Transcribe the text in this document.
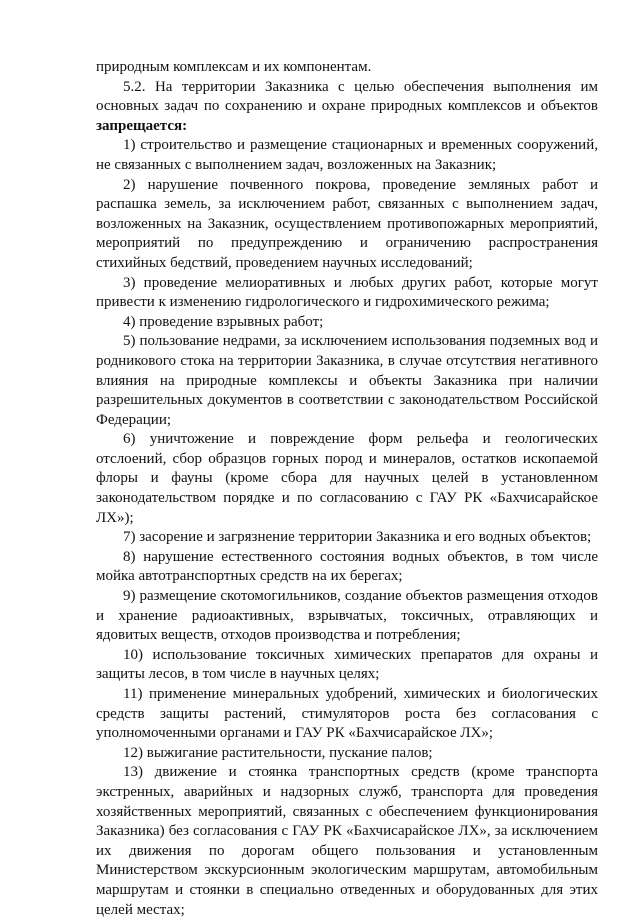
природным комплексам и их компонентам.

5.2. На территории Заказника с целью обеспечения выполнения им основных задач по сохранению и охране природных комплексов и объектов запрещается:

1) строительство и размещение стационарных и временных сооружений, не связанных с выполнением задач, возложенных на Заказник;

2) нарушение почвенного покрова, проведение земляных работ и распашка земель, за исключением работ, связанных с выполнением задач, возложенных на Заказник, осуществлением противопожарных мероприятий, мероприятий по предупреждению и ограничению распространения стихийных бедствий, проведением научных исследований;

3) проведение мелиоративных и любых других работ, которые могут привести к изменению гидрологического и гидрохимического режима;

4) проведение взрывных работ;

5) пользование недрами, за исключением использования подземных вод и родникового стока на территории Заказника, в случае отсутствия негативного влияния на природные комплексы и объекты Заказника при наличии разрешительных документов в соответствии с законодательством Российской Федерации;

6) уничтожение и повреждение форм рельефа и геологических отслоений, сбор образцов горных пород и минералов, остатков ископаемой флоры и фауны (кроме сбора для научных целей в установленном законодательством порядке и по согласованию с ГАУ РК «Бахчисарайское ЛХ»);

7) засорение и загрязнение территории Заказника и его водных объектов;

8) нарушение естественного состояния водных объектов, в том числе мойка автотранспортных средств на их берегах;

9) размещение скотомогильников, создание объектов размещения отходов и хранение радиоактивных, взрывчатых, токсичных, отравляющих и ядовитых веществ, отходов производства и потребления;

10) использование токсичных химических препаратов для охраны и защиты лесов, в том числе в научных целях;

11) применение минеральных удобрений, химических и биологических средств защиты растений, стимуляторов роста без согласования с уполномоченными органами и ГАУ РК «Бахчисарайское ЛХ»;

12) выжигание растительности, пускание палов;

13) движение и стоянка транспортных средств (кроме транспорта экстренных, аварийных и надзорных служб, транспорта для проведения хозяйственных мероприятий, связанных с обеспечением функционирования Заказника) без согласования с ГАУ РК «Бахчисарайское ЛХ», за исключением их движения по дорогам общего пользования и установленным Министерством экскурсионным экологическим маршрутам, автомобильным маршрутам и стоянки в специально отведенных и оборудованных для этих целей местах;
